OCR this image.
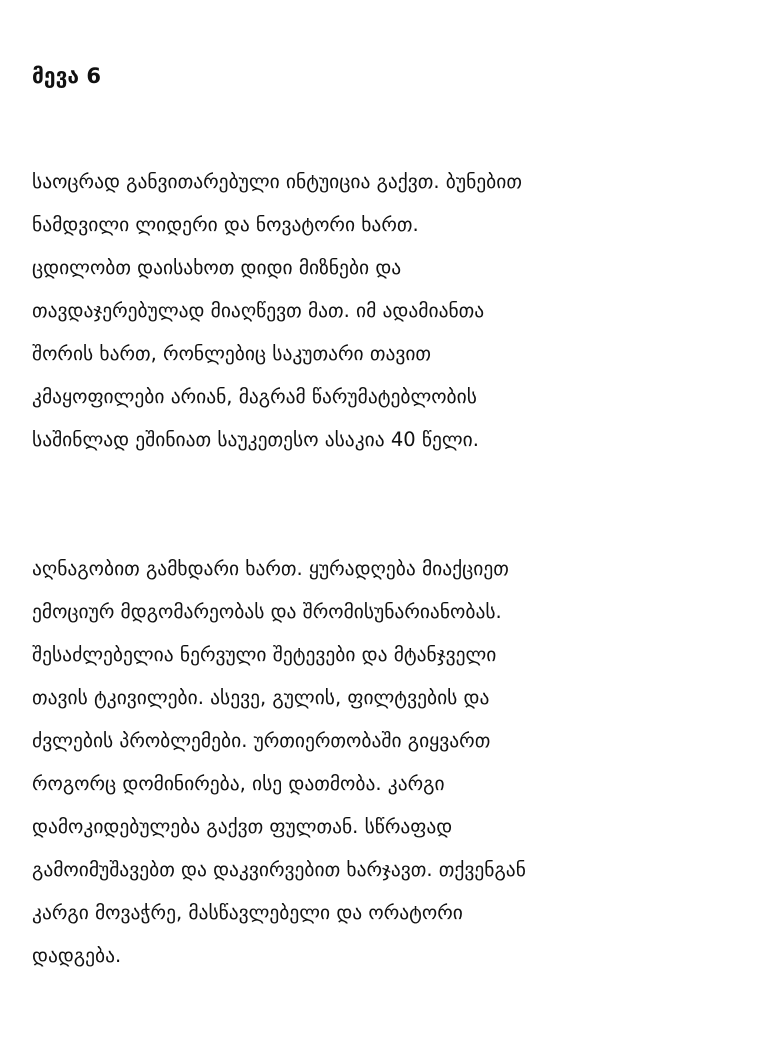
მევა 6

საოცრად განვითარებული ინტუიცია გაქვთ. ბუნებით
ნამდვილი ლიდერი და ნოვატორი ხართ.
ცდილობთ დაისახოთ დიდი მიზნები და
თავდაჯერებულად მიაღწევთ მათ. იმ ადამიანთა
შორის ხართ, რონლებიც საკუთარი თავით
კმაყოფილები არიან, მაგრამ წარუმატებლობის
საშინლად ეშინიათ საუკეთესო ასაკია 40 წელი.

აღნაგობით გამხდარი ხართ. ყურადღება მიაქციეთ
ემოციურ მდგომარეობას და შრომისუნარიანობას.
შესაძლებელია ნერვული შეტევები და მტანჯველი
თავის ტკივილები. ასევე, გულის, ფილტვების და
ძვლების პრობლემები. ურთიერთობაში გიყვართ
როგორც დომინირება, ისე დათმობა. კარგი
დამოკიდებულება გაქვთ ფულთან. სწრაფად
გამოიმუშავებთ და დაკვირვებით ხარჯავთ. თქვენგან
კარგი მოვაჭრე, მასწავლებელი და ორატორი
დადგება.
